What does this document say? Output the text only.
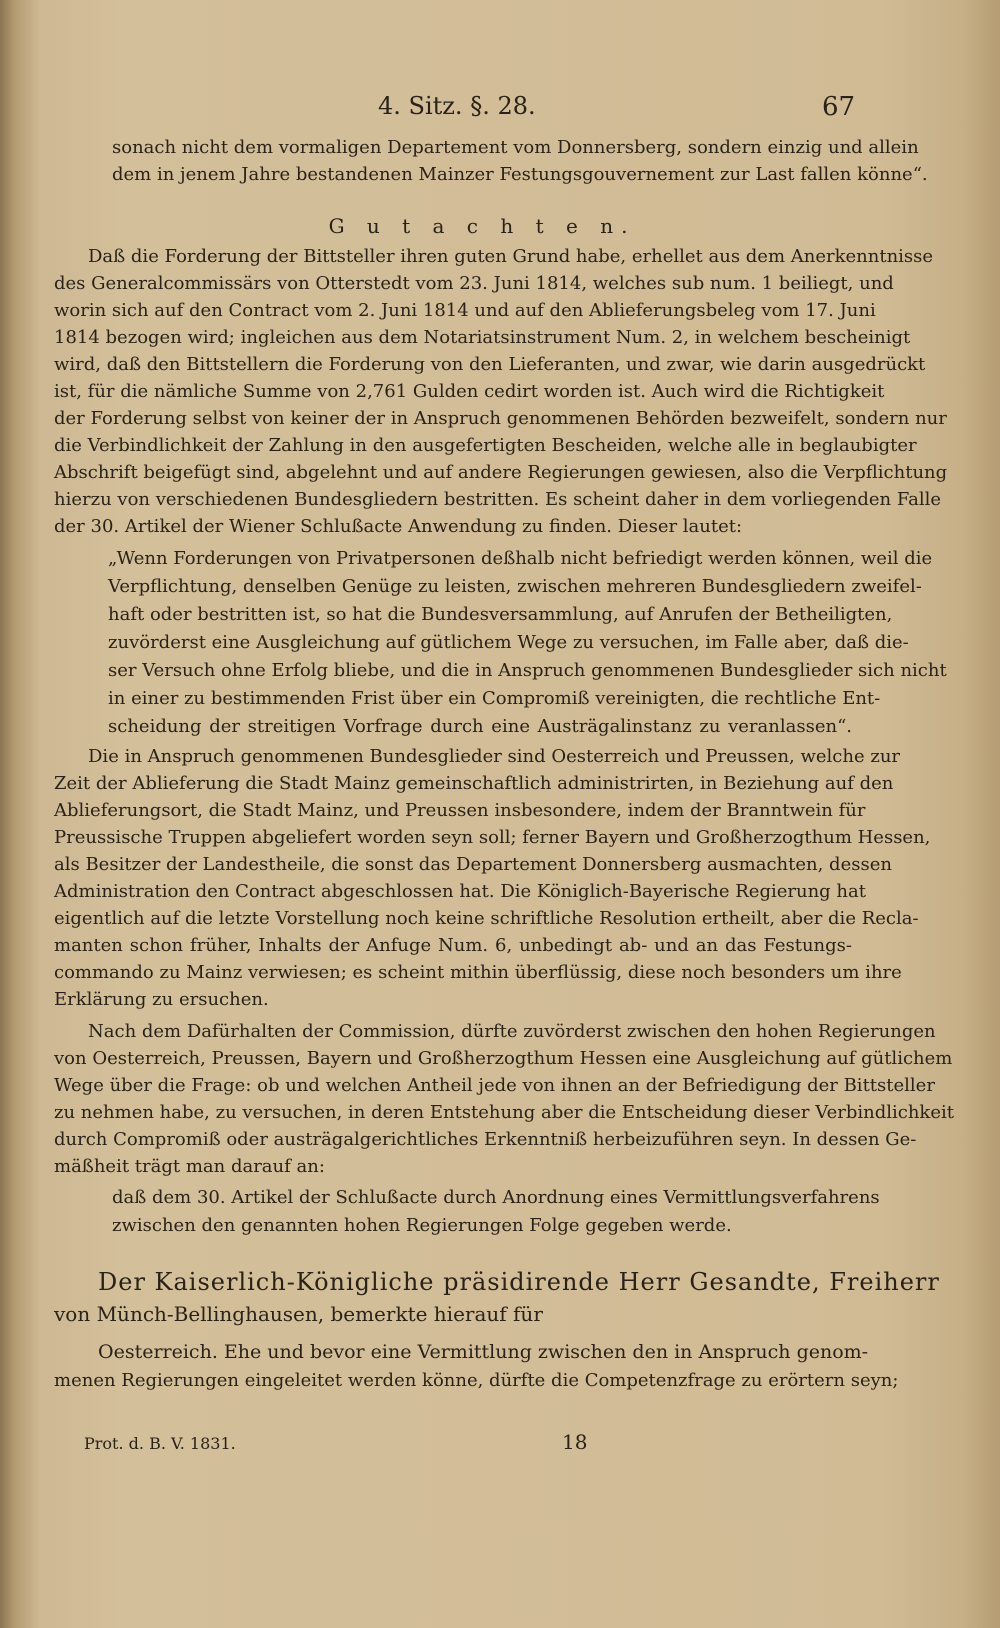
4. Sitz. §. 28.	67
sonach nicht dem vormaligen Departement vom Donnersberg, sondern einzig und allein
dem in jenem Jahre bestandenen Mainzer Festungsgouvernement zur Last fallen könne“.
G u t a c h t e n.
Daß die Forderung der Bittsteller ihren guten Grund habe, erhellet aus dem Anerkenntnisse
des Generalcommissärs von Otterstedt vom 23. Juni 1814, welches sub num. 1 beiliegt, und
worin sich auf den Contract vom 2. Juni 1814 und auf den Ablieferungsbeleg vom 17. Juni
1814 bezogen wird; ingleichen aus dem Notariatsinstrument Num. 2, in welchem bescheinigt
wird, daß den Bittstellern die Forderung von den Lieferanten, und zwar, wie darin ausgedrückt
ist, für die nämliche Summe von 2,761 Gulden cedirt worden ist. Auch wird die Richtigkeit
der Forderung selbst von keiner der in Anspruch genommenen Behörden bezweifelt, sondern nur
die Verbindlichkeit der Zahlung in den ausgefertigten Bescheiden, welche alle in beglaubigter
Abschrift beigefügt sind, abgelehnt und auf andere Regierungen gewiesen, also die Verpflichtung
hierzu von verschiedenen Bundesgliedern bestritten. Es scheint daher in dem vorliegenden Falle
der 30. Artikel der Wiener Schlußacte Anwendung zu finden. Dieser lautet:
„Wenn Forderungen von Privatpersonen deßhalb nicht befriedigt werden können, weil die
Verpflichtung, denselben Genüge zu leisten, zwischen mehreren Bundesgliedern zweifel-
haft oder bestritten ist, so hat die Bundesversammlung, auf Anrufen der Betheiligten,
zuvörderst eine Ausgleichung auf gütlichem Wege zu versuchen, im Falle aber, daß die-
ser Versuch ohne Erfolg bliebe, und die in Anspruch genommenen Bundesglieder sich nicht
in einer zu bestimmenden Frist über ein Compromiß vereinigten, die rechtliche Ent-
scheidung der streitigen Vorfrage durch eine Austrägalinstanz zu veranlassen“.
Die in Anspruch genommenen Bundesglieder sind Oesterreich und Preussen, welche zur
Zeit der Ablieferung die Stadt Mainz gemeinschaftlich administrirten, in Beziehung auf den
Ablieferungsort, die Stadt Mainz, und Preussen insbesondere, indem der Branntwein für
Preussische Truppen abgeliefert worden seyn soll; ferner Bayern und Großherzogthum Hessen,
als Besitzer der Landestheile, die sonst das Departement Donnersberg ausmachten, dessen
Administration den Contract abgeschlossen hat. Die Königlich-Bayerische Regierung hat
eigentlich auf die letzte Vorstellung noch keine schriftliche Resolution ertheilt, aber die Recla-
manten schon früher, Inhalts der Anfuge Num. 6, unbedingt ab- und an das Festungs-
commando zu Mainz verwiesen; es scheint mithin überflüssig, diese noch besonders um ihre
Erklärung zu ersuchen.
Nach dem Dafürhalten der Commission, dürfte zuvörderst zwischen den hohen Regierungen
von Oesterreich, Preussen, Bayern und Großherzogthum Hessen eine Ausgleichung auf gütlichem
Wege über die Frage: ob und welchen Antheil jede von ihnen an der Befriedigung der Bittsteller
zu nehmen habe, zu versuchen, in deren Entstehung aber die Entscheidung dieser Verbindlichkeit
durch Compromiß oder austrägalgerichtliches Erkenntniß herbeizuführen seyn. In dessen Ge-
mäßheit trägt man darauf an:
daß dem 30. Artikel der Schlußacte durch Anordnung eines Vermittlungsverfahrens
zwischen den genannten hohen Regierungen Folge gegeben werde.
Der Kaiserlich-Königliche präsidirende Herr Gesandte, Freiherr
von Münch-Bellinghausen, bemerkte hierauf für
Oesterreich. Ehe und bevor eine Vermittlung zwischen den in Anspruch genom-
menen Regierungen eingeleitet werden könne, dürfte die Competenzfrage zu erörtern seyn;
Prot. d. B. V. 1831.	18
